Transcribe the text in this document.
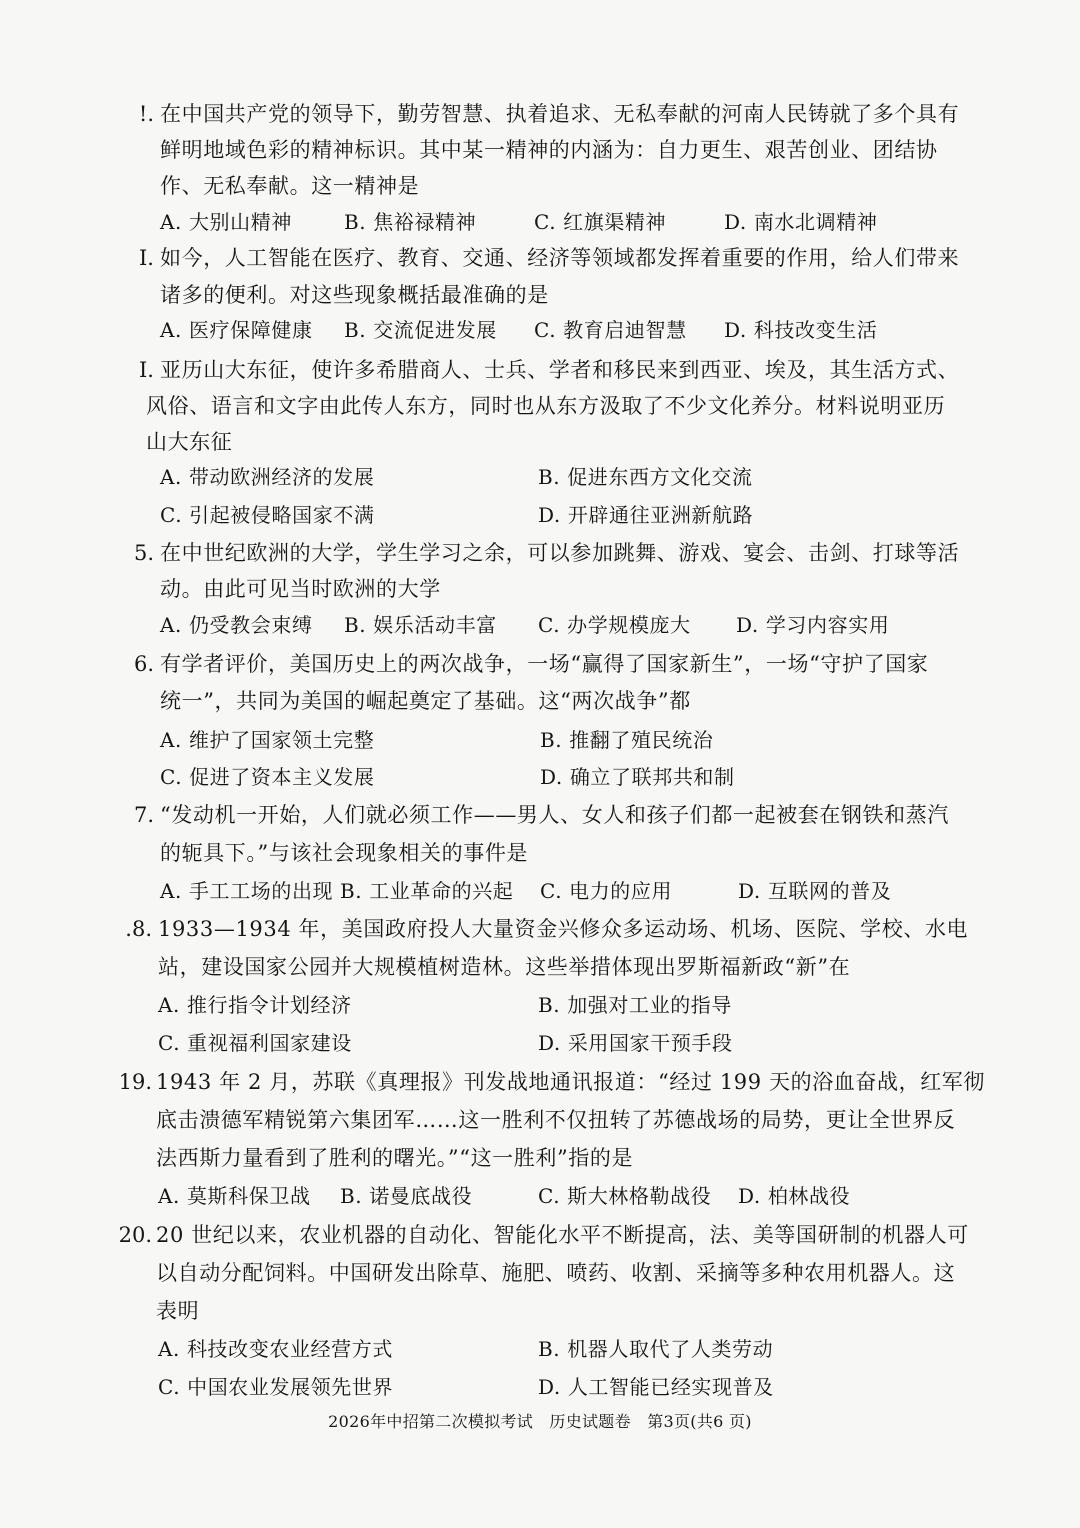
!. 在中国共产党的领导下，勤劳智慧、执着追求、无私奉献的河南人民铸就了多个具有
鲜明地域色彩的精神标识。其中某一精神的内涵为：自力更生、艰苦创业、团结协
作、无私奉献。这一精神是
A. 大别山精神	B. 焦裕禄精神	C. 红旗渠精神	D. 南水北调精神
I. 如今，人工智能在医疗、教育、交通、经济等领域都发挥着重要的作用，给人们带来
诸多的便利。对这些现象概括最准确的是
A. 医疗保障健康 B. 交流促进发展 C. 教育启迪智慧 D. 科技改变生活
I. 亚历山大东征，使许多希腊商人、士兵、学者和移民来到西亚、埃及，其生活方式、
风俗、语言和文字由此传人东方，同时也从东方汲取了不少文化养分。材料说明亚历
山大东征
A. 带动欧洲经济的发展	B. 促进东西方文化交流
C. 引起被侵略国家不满	D. 开辟通往亚洲新航路
5. 在中世纪欧洲的大学，学生学习之余，可以参加跳舞、游戏、宴会、击剑、打球等活
动。由此可见当时欧洲的大学
A. 仍受教会束缚 B. 娱乐活动丰富 C. 办学规模庞大 D. 学习内容实用
6. 有学者评价，美国历史上的两次战争，一场“赢得了国家新生”，一场“守护了国家
统一”，共同为美国的崛起奠定了基础。这“两次战争”都
A. 维护了国家领土完整	B. 推翻了殖民统治
C. 促进了资本主义发展	D. 确立了联邦共和制
7. “发动机一开始，人们就必须工作——男人、女人和孩子们都一起被套在钢铁和蒸汽
的轭具下。”与该社会现象相关的事件是
A. 手工工场的出现 B. 工业革命的兴起 C. 电力的应用	D. 互联网的普及
.8. 1933—1934 年，美国政府投人大量资金兴修众多运动场、机场、医院、学校、水电
站，建设国家公园并大规模植树造林。这些举措体现出罗斯福新政“新”在
A. 推行指令计划经济	B. 加强对工业的指导
C. 重视福利国家建设	D. 采用国家干预手段
19. 1943 年 2 月，苏联《真理报》刊发战地通讯报道：“经过 199 天的浴血奋战，红军彻
底击溃德军精锐第六集团军……这一胜利不仅扭转了苏德战场的局势，更让全世界反
法西斯力量看到了胜利的曙光。”“这一胜利”指的是
A. 莫斯科保卫战 B. 诺曼底战役	C. 斯大林格勒战役 D. 柏林战役
20. 20 世纪以来，农业机器的自动化、智能化水平不断提高，法、美等国研制的机器人可
以自动分配饲料。中国研发出除草、施肥、喷药、收割、采摘等多种农用机器人。这
表明
A. 科技改变农业经营方式	B. 机器人取代了人类劳动
C. 中国农业发展领先世界	D. 人工智能已经实现普及
2026年中招第二次模拟考试　历史试题卷　第3页(共6 页)
